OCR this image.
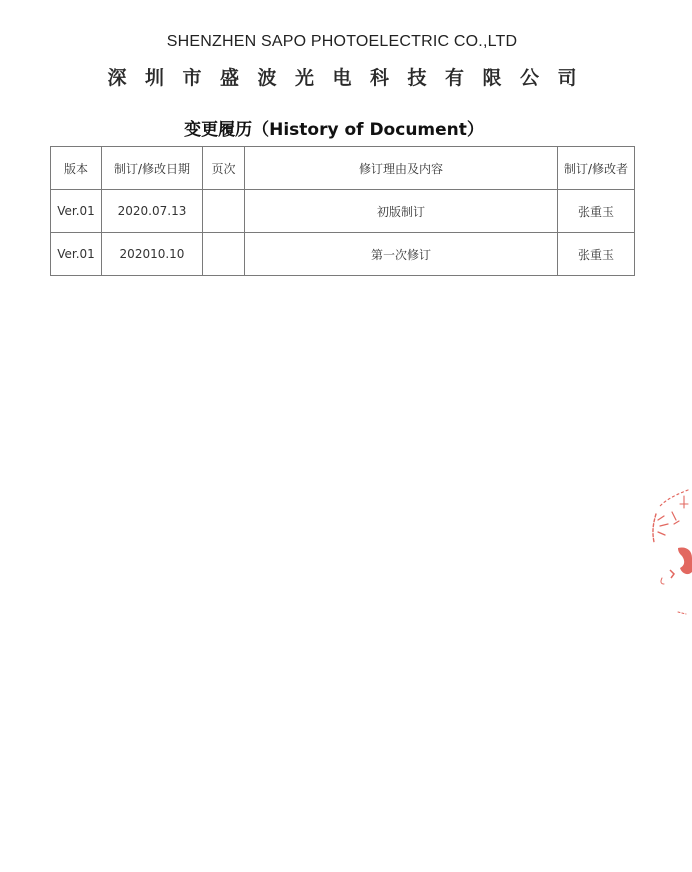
SHENZHEN SAPO PHOTOELECTRIC CO.,LTD
深 圳 市 盛 波 光 电 科 技 有 限 公 司
变更履历（History of Document）
版本	制订/修改日期	页次	修订理由及内容	制订/修改者
Ver.01	2020.07.13		初版制订	张重玉
Ver.01	202010.10		第一次修订	张重玉
